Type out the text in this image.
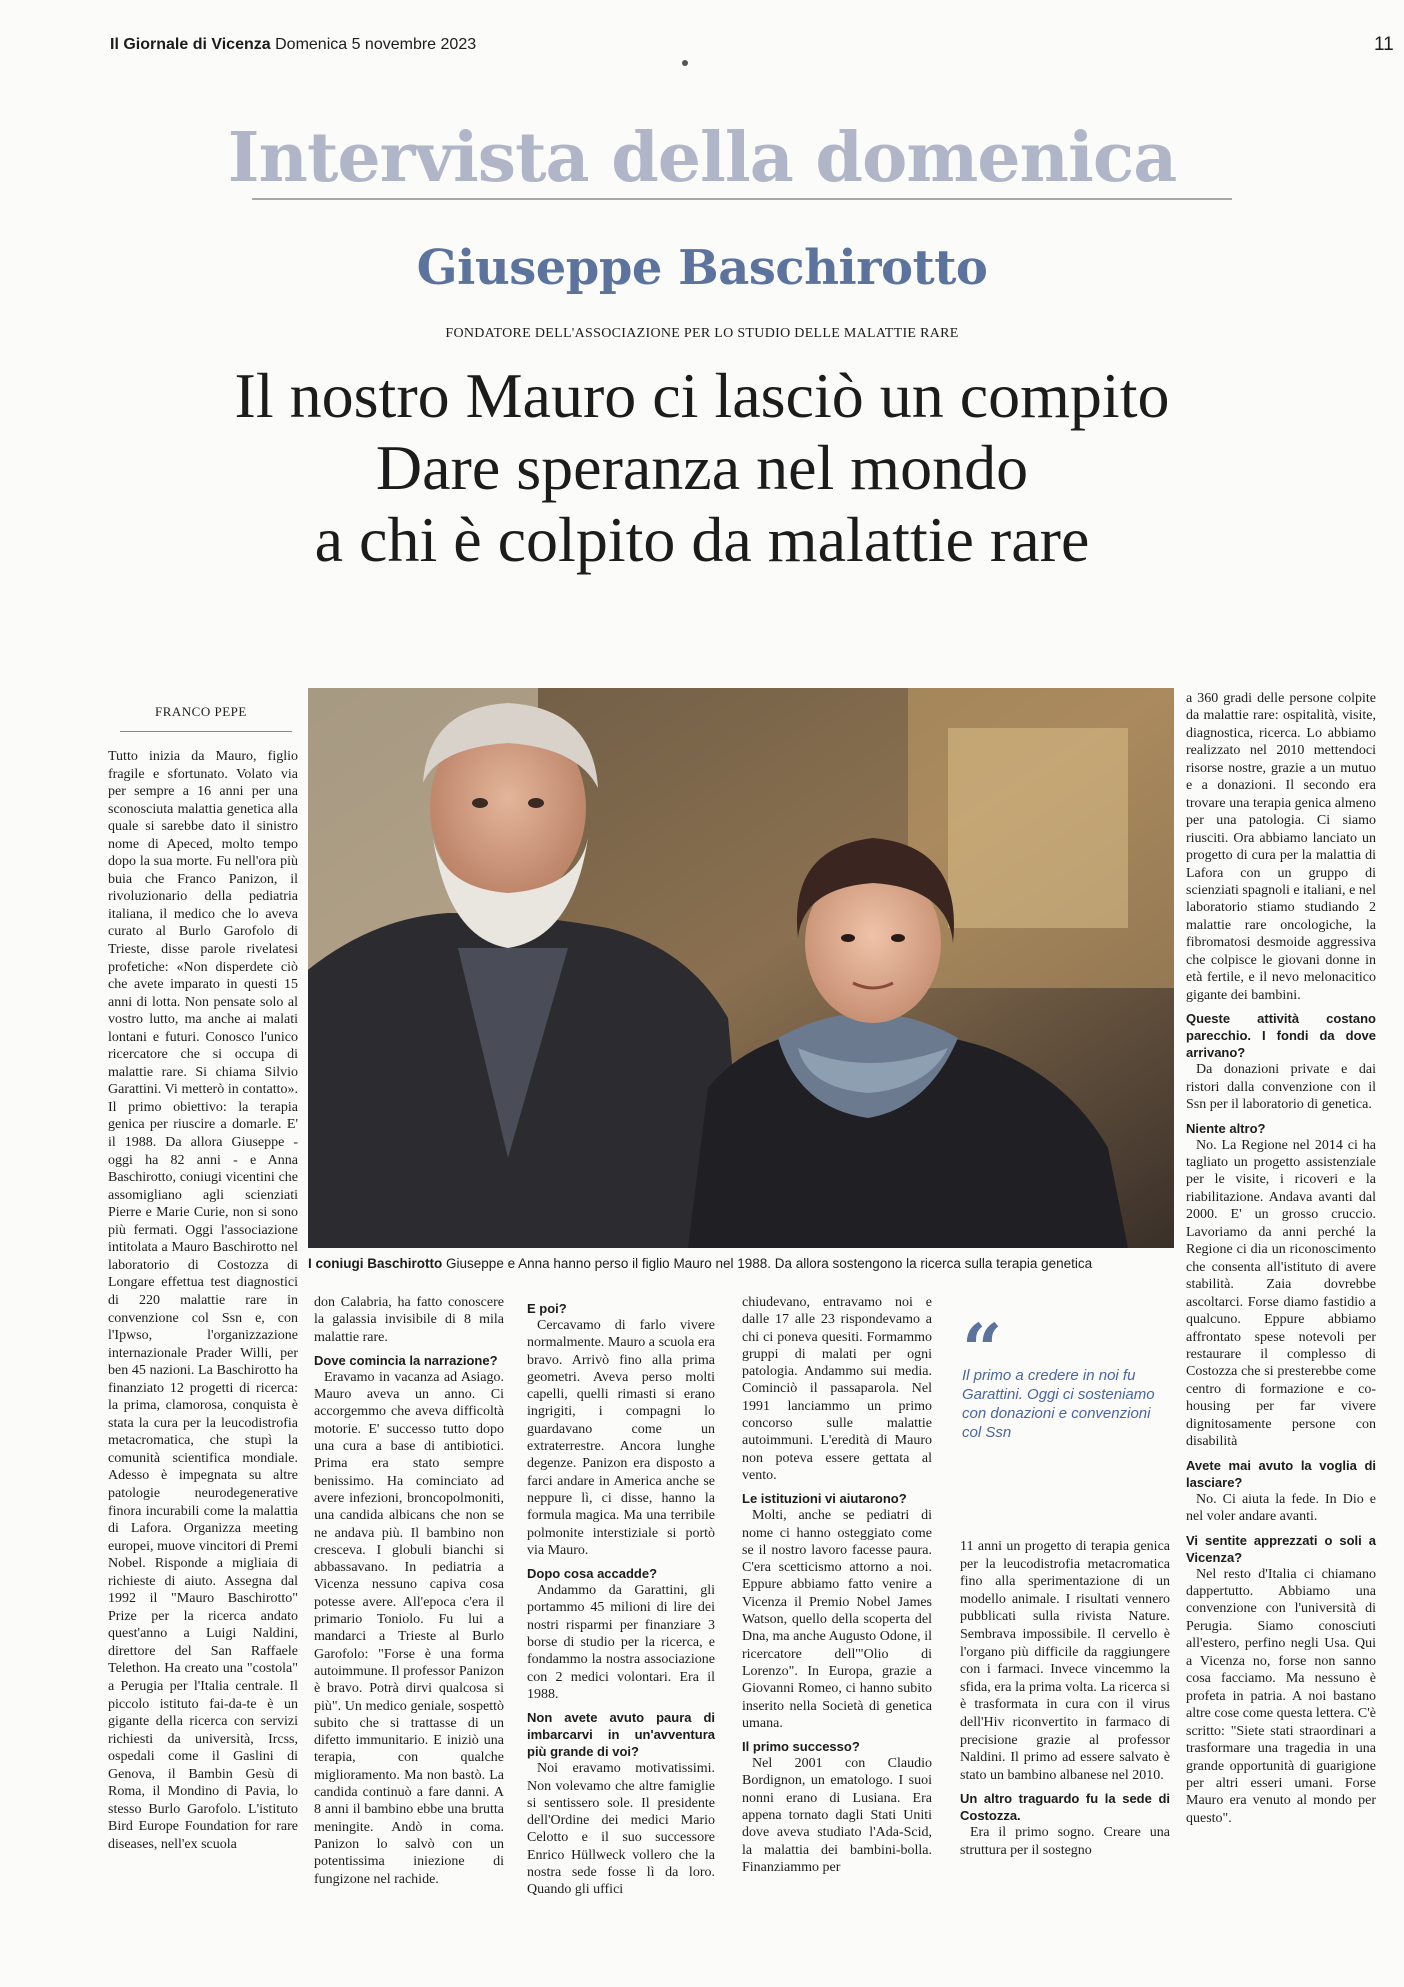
Il Giornale di Vicenza Domenica 5 novembre 2023	11
Intervista della domenica
Giuseppe Baschirotto
FONDATORE DELL'ASSOCIAZIONE PER LO STUDIO DELLE MALATTIE RARE
Il nostro Mauro ci lasciò un compito
Dare speranza nel mondo
a chi è colpito da malattie rare
FRANCO PEPE
I coniugi Baschirotto Giuseppe e Anna hanno perso il figlio Mauro nel 1988. Da allora sostengono la ricerca sulla terapia genetica
“
Il primo a credere in noi fu Garattini. Oggi ci sosteniamo con donazioni e convenzioni col Ssn

Tutto inizia da Mauro, figlio fragile e sfortunato. Volato via per sempre a 16 anni per una sconosciuta malattia genetica alla quale si sarebbe dato il sinistro nome di Apeced, molto tempo dopo la sua morte. Fu nell'ora più buia che Franco Panizon, il rivoluzionario della pediatria italiana, il medico che lo aveva curato al Burlo Garofolo di Trieste, disse parole rivelatesi profetiche: «Non disperdete ciò che avete imparato in questi 15 anni di lotta. Non pensate solo al vostro lutto, ma anche ai malati lontani e futuri. Conosco l'unico ricercatore che si occupa di malattie rare. Si chiama Silvio Garattini. Vi metterò in contatto». Il primo obiettivo: la terapia genica per riuscire a domarle. E' il 1988. Da allora Giuseppe - oggi ha 82 anni - e Anna Baschirotto, coniugi vicentini che assomigliano agli scienziati Pierre e Marie Curie, non si sono più fermati. Oggi l'associazione intitolata a Mauro Baschirotto nel laboratorio di Costozza di Longare effettua test diagnostici di 220 malattie rare in convenzione col Ssn e, con l'Ipwso, l'organizzazione internazionale Prader Willi, per ben 45 nazioni. La Baschirotto ha finanziato 12 progetti di ricerca: la prima, clamorosa, conquista è stata la cura per la leucodistrofia metacromatica, che stupì la comunità scientifica mondiale. Adesso è impegnata su altre patologie neurodegenerative finora incurabili come la malattia di Lafora. Organizza meeting europei, muove vincitori di Premi Nobel. Risponde a migliaia di richieste di aiuto. Assegna dal 1992 il "Mauro Baschirotto" Prize per la ricerca andato quest'anno a Luigi Naldini, direttore del San Raffaele Telethon. Ha creato una "costola" a Perugia per l'Italia centrale. Il piccolo istituto fai-da-te è un gigante della ricerca con servizi richiesti da università, Ircss, ospedali come il Gaslini di Genova, il Bambin Gesù di Roma, il Mondino di Pavia, lo stesso Burlo Garofolo. L'istituto Bird Europe Foundation for rare diseases, nell'ex scuola

don Calabria, ha fatto conoscere la galassia invisibile di 8 mila malattie rare.

Dove comincia la narrazione?

Eravamo in vacanza ad Asiago. Mauro aveva un anno. Ci accorgemmo che aveva difficoltà motorie. E' successo tutto dopo una cura a base di antibiotici. Prima era stato sempre benissimo. Ha cominciato ad avere infezioni, broncopolmoniti, una candida albicans che non se ne andava più. Il bambino non cresceva. I globuli bianchi si abbassavano. In pediatria a Vicenza nessuno capiva cosa potesse avere. All'epoca c'era il primario Toniolo. Fu lui a mandarci a Trieste al Burlo Garofolo: "Forse è una forma autoimmune. Il professor Panizon è bravo. Potrà dirvi qualcosa si più". Un medico geniale, sospettò subito che si trattasse di un difetto immunitario. E iniziò una terapia, con qualche miglioramento. Ma non bastò. La candida continuò a fare danni. A 8 anni il bambino ebbe una brutta meningite. Andò in coma. Panizon lo salvò con un potentissima iniezione di fungizone nel rachide.

E poi?

Cercavamo di farlo vivere normalmente. Mauro a scuola era bravo. Arrivò fino alla prima geometri. Aveva perso molti capelli, quelli rimasti si erano ingrigiti, i compagni lo guardavano come un extraterrestre. Ancora lunghe degenze. Panizon era disposto a farci andare in America anche se neppure lì, ci disse, hanno la formula magica. Ma una terribile polmonite interstiziale si portò via Mauro.

Dopo cosa accadde?

Andammo da Garattini, gli portammo 45 milioni di lire dei nostri risparmi per finanziare 3 borse di studio per la ricerca, e fondammo la nostra associazione con 2 medici volontari. Era il 1988.

Non avete avuto paura di imbarcarvi in un'avventura più grande di voi?

Noi eravamo motivatissimi. Non volevamo che altre famiglie si sentissero sole. Il presidente dell'Ordine dei medici Mario Celotto e il suo successore Enrico Hüllweck vollero che la nostra sede fosse lì da loro. Quando gli uffici

chiudevano, entravamo noi e dalle 17 alle 23 rispondevamo a chi ci poneva quesiti. Formammo gruppi di malati per ogni patologia. Andammo sui media. Cominciò il passaparola. Nel 1991 lanciammo un primo concorso sulle malattie autoimmuni. L'eredità di Mauro non poteva essere gettata al vento.

Le istituzioni vi aiutarono?

Molti, anche se pediatri di nome ci hanno osteggiato come se il nostro lavoro facesse paura. C'era scetticismo attorno a noi. Eppure abbiamo fatto venire a Vicenza il Premio Nobel James Watson, quello della scoperta del Dna, ma anche Augusto Odone, il ricercatore dell'"Olio di Lorenzo". In Europa, grazie a Giovanni Romeo, ci hanno subito inserito nella Società di genetica umana.

Il primo successo?

Nel 2001 con Claudio Bordignon, un ematologo. I suoi nonni erano di Lusiana. Era appena tornato dagli Stati Uniti dove aveva studiato l'Ada-Scid, la malattia dei bambini-bolla. Finanziammo per

11 anni un progetto di terapia genica per la leucodistrofia metacromatica fino alla sperimentazione di un modello animale. I risultati vennero pubblicati sulla rivista Nature. Sembrava impossibile. Il cervello è l'organo più difficile da raggiungere con i farmaci. Invece vincemmo la sfida, era la prima volta. La ricerca si è trasformata in cura con il virus dell'Hiv riconvertito in farmaco di precisione grazie al professor Naldini. Il primo ad essere salvato è stato un bambino albanese nel 2010.

Un altro traguardo fu la sede di Costozza.

Era il primo sogno. Creare una struttura per il sostegno

a 360 gradi delle persone colpite da malattie rare: ospitalità, visite, diagnostica, ricerca. Lo abbiamo realizzato nel 2010 mettendoci risorse nostre, grazie a un mutuo e a donazioni. Il secondo era trovare una terapia genica almeno per una patologia. Ci siamo riusciti. Ora abbiamo lanciato un progetto di cura per la malattia di Lafora con un gruppo di scienziati spagnoli e italiani, e nel laboratorio stiamo studiando 2 malattie rare oncologiche, la fibromatosi desmoide aggressiva che colpisce le giovani donne in età fertile, e il nevo melonacitico gigante dei bambini.

Queste attività costano parecchio. I fondi da dove arrivano?

Da donazioni private e dai ristori dalla convenzione con il Ssn per il laboratorio di genetica.

Niente altro?

No. La Regione nel 2014 ci ha tagliato un progetto assistenziale per le visite, i ricoveri e la riabilitazione. Andava avanti dal 2000. E' un grosso cruccio. Lavoriamo da anni perché la Regione ci dia un riconoscimento che consenta all'istituto di avere stabilità. Zaia dovrebbe ascoltarci. Forse diamo fastidio a qualcuno. Eppure abbiamo affrontato spese notevoli per restaurare il complesso di Costozza che si presterebbe come centro di formazione e co-housing per far vivere dignitosamente persone con disabilità

Avete mai avuto la voglia di lasciare?

No. Ci aiuta la fede. In Dio e nel voler andare avanti.

Vi sentite apprezzati o soli a Vicenza?

Nel resto d'Italia ci chiamano dappertutto. Abbiamo una convenzione con l'università di Perugia. Siamo conosciuti all'estero, perfino negli Usa. Qui a Vicenza no, forse non sanno cosa facciamo. Ma nessuno è profeta in patria. A noi bastano altre cose come questa lettera. C'è scritto: "Siete stati straordinari a trasformare una tragedia in una grande opportunità di guarigione per altri esseri umani. Forse Mauro era venuto al mondo per questo".
